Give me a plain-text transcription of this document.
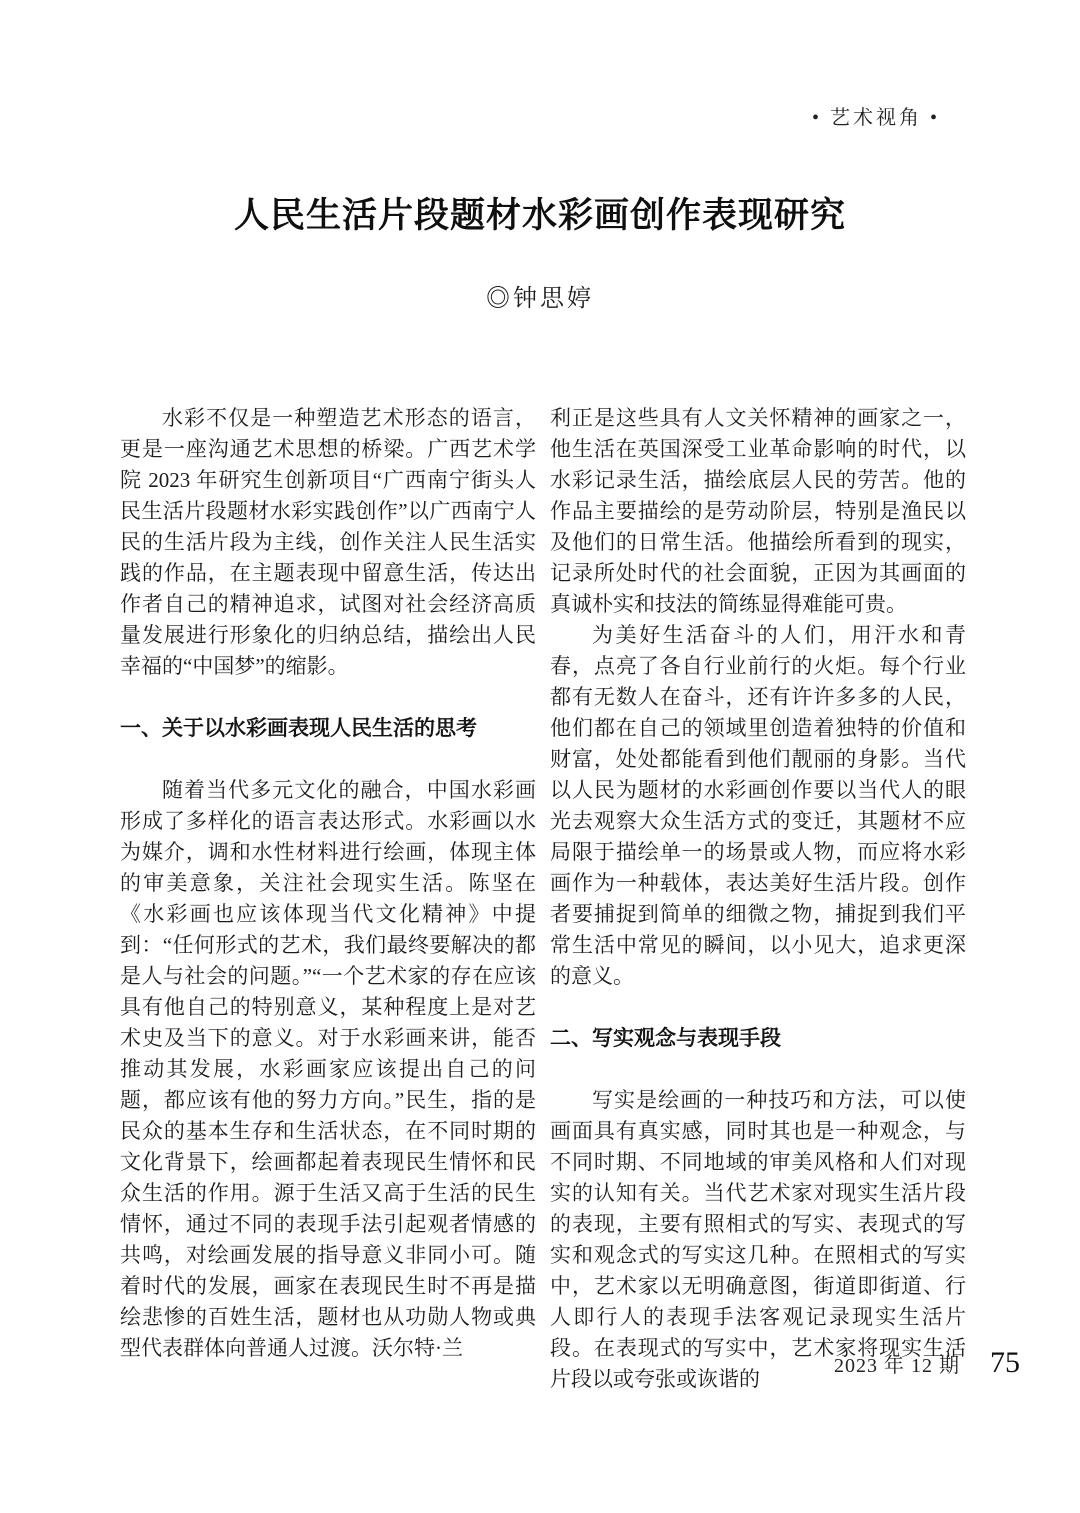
• 艺术视角 •
人民生活片段题材水彩画创作表现研究
◎钟思婷

水彩不仅是一种塑造艺术形态的语言，更是一座沟通艺术思想的桥梁。广西艺术学院 2023 年研究生创新项目“广西南宁街头人民生活片段题材水彩实践创作”以广西南宁人民的生活片段为主线，创作关注人民生活实践的作品，在主题表现中留意生活，传达出作者自己的精神追求，试图对社会经济高质量发展进行形象化的归纳总结，描绘出人民幸福的“中国梦”的缩影。

一、关于以水彩画表现人民生活的思考

随着当代多元文化的融合，中国水彩画形成了多样化的语言表达形式。水彩画以水为媒介，调和水性材料进行绘画，体现主体的审美意象，关注社会现实生活。陈坚在《水彩画也应该体现当代文化精神》中提到：“任何形式的艺术，我们最终要解决的都是人与社会的问题。”“一个艺术家的存在应该具有他自己的特别意义，某种程度上是对艺术史及当下的意义。对于水彩画来讲，能否推动其发展，水彩画家应该提出自己的问题，都应该有他的努力方向。”民生，指的是民众的基本生存和生活状态，在不同时期的文化背景下，绘画都起着表现民生情怀和民众生活的作用。源于生活又高于生活的民生情怀，通过不同的表现手法引起观者情感的共鸣，对绘画发展的指导意义非同小可。随着时代的发展，画家在表现民生时不再是描绘悲惨的百姓生活，题材也从功勋人物或典型代表群体向普通人过渡。沃尔特·兰

利正是这些具有人文关怀精神的画家之一，他生活在英国深受工业革命影响的时代，以水彩记录生活，描绘底层人民的劳苦。他的作品主要描绘的是劳动阶层，特别是渔民以及他们的日常生活。他描绘所看到的现实，记录所处时代的社会面貌，正因为其画面的真诚朴实和技法的简练显得难能可贵。

为美好生活奋斗的人们，用汗水和青春，点亮了各自行业前行的火炬。每个行业都有无数人在奋斗，还有许许多多的人民，他们都在自己的领域里创造着独特的价值和财富，处处都能看到他们靓丽的身影。当代以人民为题材的水彩画创作要以当代人的眼光去观察大众生活方式的变迁，其题材不应局限于描绘单一的场景或人物，而应将水彩画作为一种载体，表达美好生活片段。创作者要捕捉到简单的细微之物，捕捉到我们平常生活中常见的瞬间，以小见大，追求更深的意义。

二、写实观念与表现手段

写实是绘画的一种技巧和方法，可以使画面具有真实感，同时其也是一种观念，与不同时期、不同地域的审美风格和人们对现实的认知有关。当代艺术家对现实生活片段的表现，主要有照相式的写实、表现式的写实和观念式的写实这几种。在照相式的写实中，艺术家以无明确意图，街道即街道、行人即行人的表现手法客观记录现实生活片段。在表现式的写实中，艺术家将现实生活片段以或夸张或诙谐的

2023 年 12 期 75
